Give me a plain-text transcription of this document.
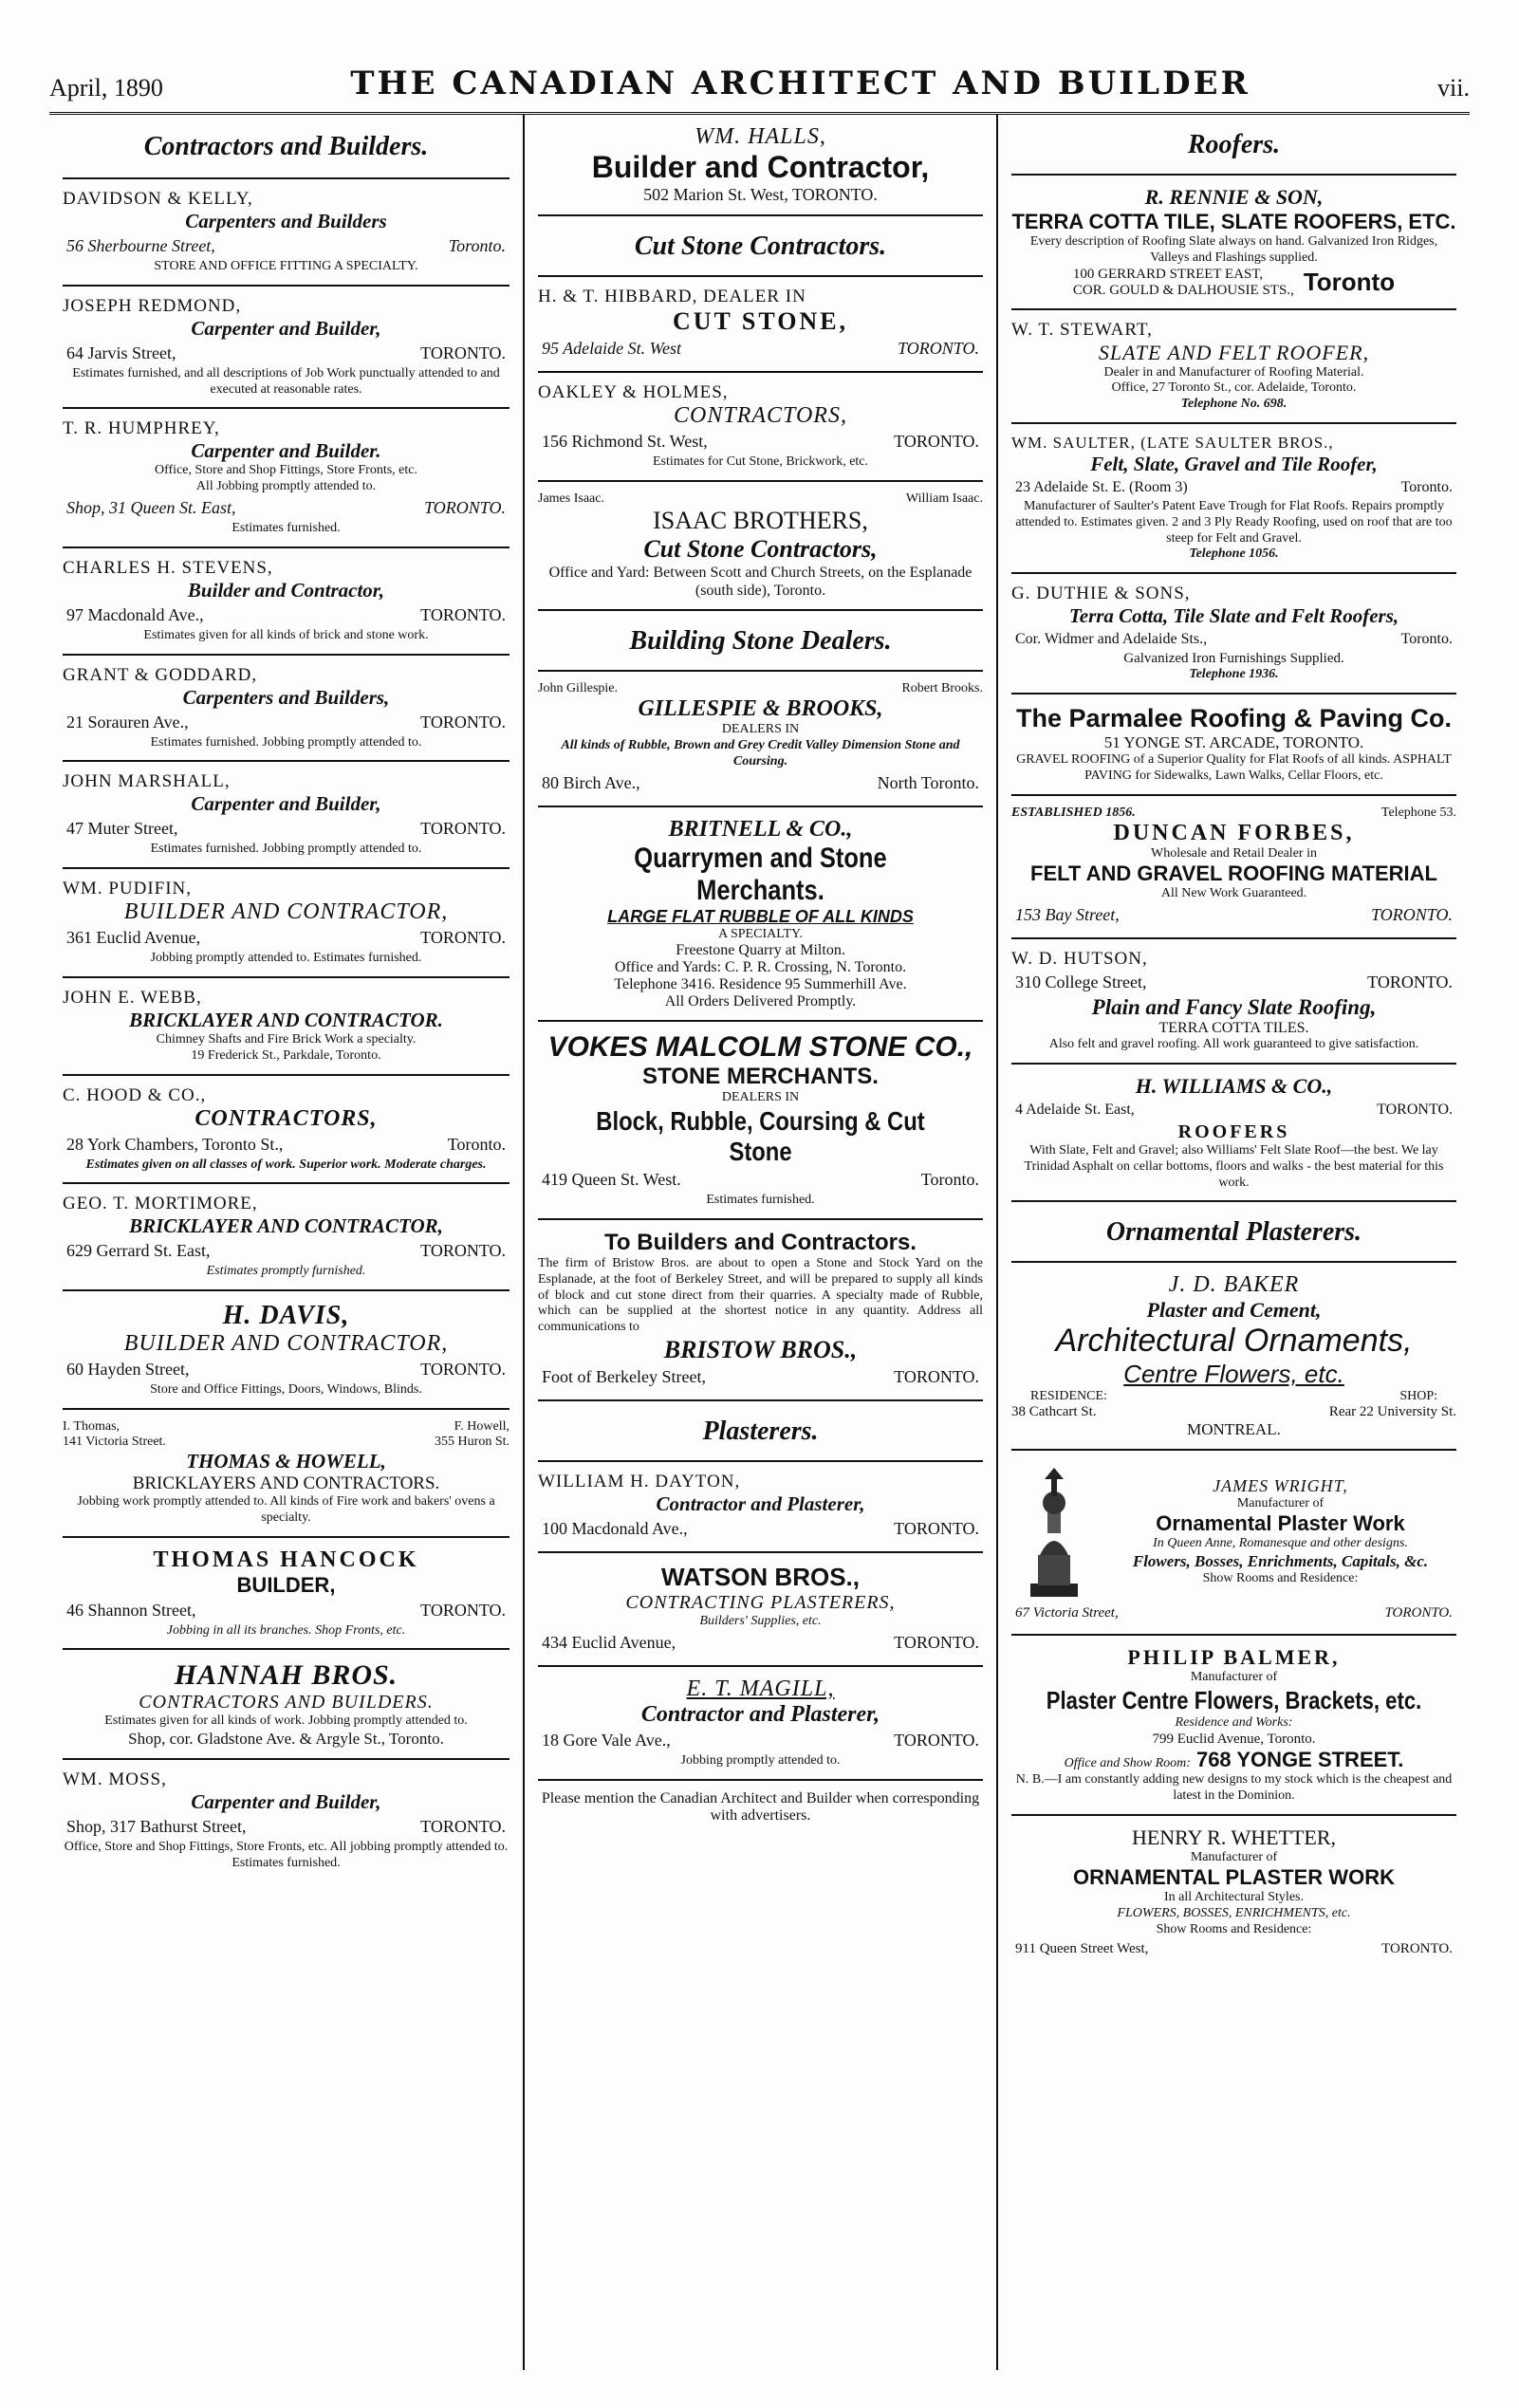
April, 1890	THE CANADIAN ARCHITECT AND BUILDER	vii.
Contractors and Builders.
DAVIDSON & KELLY,
Carpenters and Builders
56 Sherbourne Street,	Toronto.
STORE AND OFFICE FITTING A SPECIALTY.
JOSEPH REDMOND,
Carpenter and Builder,
64 Jarvis Street,	TORONTO.
Estimates furnished, and all descriptions of Job Work punctually attended to and executed at reasonable rates.
T. R. HUMPHREY,
Carpenter and Builder.
Office, Store and Shop Fittings, Store Fronts, etc.
All Jobbing promptly attended to.
Shop, 31 Queen St. East,	TORONTO.
Estimates furnished.
CHARLES H. STEVENS,
Builder and Contractor,
97 Macdonald Ave.,	TORONTO.
Estimates given for all kinds of brick and stone work.
GRANT & GODDARD,
Carpenters and Builders,
21 Sorauren Ave.,	TORONTO.
Estimates furnished. Jobbing promptly attended to.
JOHN MARSHALL,
Carpenter and Builder,
47 Muter Street,	TORONTO.
Estimates furnished. Jobbing promptly attended to.
WM. PUDIFIN,
BUILDER AND CONTRACTOR,
361 Euclid Avenue,	TORONTO.
Jobbing promptly attended to. Estimates furnished.
JOHN E. WEBB,
BRICKLAYER AND CONTRACTOR.
Chimney Shafts and Fire Brick Work a specialty.
19 Frederick St., Parkdale, Toronto.
C. HOOD & CO.,
CONTRACTORS,
28 York Chambers, Toronto St.,	Toronto.
Estimates given on all classes of work. Superior work. Moderate charges.
GEO. T. MORTIMORE,
BRICKLAYER AND CONTRACTOR,
629 Gerrard St. East,	TORONTO.
Estimates promptly furnished.
H. DAVIS,
BUILDER AND CONTRACTOR,
60 Hayden Street,	TORONTO.
Store and Office Fittings, Doors, Windows, Blinds.
I. Thomas,	F. Howell,
141 Victoria Street.	355 Huron St.
THOMAS & HOWELL,
BRICKLAYERS AND CONTRACTORS.
Jobbing work promptly attended to. All kinds of Fire work and bakers' ovens a specialty.
THOMAS HANCOCK
BUILDER,
46 Shannon Street,	TORONTO.
Jobbing in all its branches. Shop Fronts, etc.
HANNAH BROS.
CONTRACTORS AND BUILDERS.
Estimates given for all kinds of work. Jobbing promptly attended to.
Shop, cor. Gladstone Ave. & Argyle St., Toronto.
WM. MOSS,
Carpenter and Builder,
Shop, 317 Bathurst Street,	TORONTO.
Office, Store and Shop Fittings, Store Fronts, etc. All jobbing promptly attended to. Estimates furnished.
WM. HALLS,
Builder and Contractor,
502 Marion St. West, TORONTO.
Cut Stone Contractors.
H. & T. HIBBARD, DEALER IN
CUT STONE,
95 Adelaide St. West	TORONTO.
OAKLEY & HOLMES,
CONTRACTORS,
156 Richmond St. West,	TORONTO.
Estimates for Cut Stone, Brickwork, etc.
James Isaac.	William Isaac.
ISAAC BROTHERS,
Cut Stone Contractors,
Office and Yard: Between Scott and Church Streets, on the Esplanade (south side), Toronto.
Building Stone Dealers.
John Gillespie.	Robert Brooks.
GILLESPIE & BROOKS,
DEALERS IN
All kinds of Rubble, Brown and Grey Credit Valley Dimension Stone and Coursing.
80 Birch Ave.,	North Toronto.
BRITNELL & CO.,
Quarrymen and Stone Merchants.
LARGE FLAT RUBBLE OF ALL KINDS
A SPECIALTY.
Freestone Quarry at Milton.
Office and Yards: C. P. R. Crossing, N. Toronto.
Telephone 3416. Residence 95 Summerhill Ave.
All Orders Delivered Promptly.
VOKES MALCOLM STONE CO.,
STONE MERCHANTS.
DEALERS IN
Block, Rubble, Coursing & Cut Stone
419 Queen St. West.	Toronto.
Estimates furnished.
To Builders and Contractors.
The firm of Bristow Bros. are about to open a Stone and Stock Yard on the Esplanade, at the foot of Berkeley Street, and will be prepared to supply all kinds of block and cut stone direct from their quarries. A specialty made of Rubble, which can be supplied at the shortest notice in any quantity. Address all communications to
BRISTOW BROS.,
Foot of Berkeley Street,	TORONTO.
Plasterers.
WILLIAM H. DAYTON,
Contractor and Plasterer,
100 Macdonald Ave.,	TORONTO.
WATSON BROS.,
CONTRACTING PLASTERERS,
Builders' Supplies, etc.
434 Euclid Avenue,	TORONTO.
E. T. MAGILL,
Contractor and Plasterer,
18 Gore Vale Ave.,	TORONTO.
Jobbing promptly attended to.
Please mention the Canadian Architect and Builder when corresponding with advertisers.
Roofers.
R. RENNIE & SON,
TERRA COTTA TILE, SLATE ROOFERS, ETC.
Every description of Roofing Slate always on hand. Galvanized Iron Ridges, Valleys and Flashings supplied.
100 GERRARD STREET EAST,
COR. GOULD & DALHOUSIE STS., Toronto
W. T. STEWART,
SLATE AND FELT ROOFER,
Dealer in and Manufacturer of Roofing Material.
Office, 27 Toronto St., cor. Adelaide, Toronto.
Telephone No. 698.
WM. SAULTER, (LATE SAULTER BROS.,
Felt, Slate, Gravel and Tile Roofer,
23 Adelaide St. E. (Room 3)	Toronto.
Manufacturer of Saulter's Patent Eave Trough for Flat Roofs. Repairs promptly attended to. Estimates given. 2 and 3 Ply Ready Roofing, used on roof that are too steep for Felt and Gravel.
Telephone 1056.
G. DUTHIE & SONS,
Terra Cotta, Tile Slate and Felt Roofers,
Cor. Widmer and Adelaide Sts.,	Toronto.
Galvanized Iron Furnishings Supplied.
Telephone 1936.
The Parmalee Roofing & Paving Co.
51 YONGE ST. ARCADE, TORONTO.
GRAVEL ROOFING of a Superior Quality for Flat Roofs of all kinds. ASPHALT PAVING for Sidewalks, Lawn Walks, Cellar Floors, etc.
ESTABLISHED 1856.	Telephone 53.
DUNCAN FORBES,
Wholesale and Retail Dealer in
FELT AND GRAVEL ROOFING MATERIAL
All New Work Guaranteed.
153 Bay Street,	TORONTO.
W. D. HUTSON,
310 College Street,	TORONTO.
Plain and Fancy Slate Roofing,
TERRA COTTA TILES.
Also felt and gravel roofing. All work guaranteed to give satisfaction.
H. WILLIAMS & CO.,
4 Adelaide St. East,	TORONTO.
ROOFERS
With Slate, Felt and Gravel; also Williams' Felt Slate Roof—the best. We lay Trinidad Asphalt on cellar bottoms, floors and walks - the best material for this work.
Ornamental Plasterers.
J. D. BAKER
Plaster and Cement,
Architectural Ornaments,
Centre Flowers, etc.
RESIDENCE:	SHOP:
38 Cathcart St.	Rear 22 University St.
MONTREAL.
JAMES WRIGHT,
Manufacturer of
Ornamental Plaster Work
In Queen Anne, Romanesque and other designs.
Flowers, Bosses, Enrichments, Capitals, &c.
Show Rooms and Residence:
67 Victoria Street,	TORONTO.
PHILIP BALMER,
Manufacturer of
Plaster Centre Flowers, Brackets, etc.
Residence and Works:
799 Euclid Avenue, Toronto.
Office and Show Room: 768 YONGE STREET.
N. B.—I am constantly adding new designs to my stock which is the cheapest and latest in the Dominion.
HENRY R. WHETTER,
Manufacturer of
ORNAMENTAL PLASTER WORK
In all Architectural Styles.
FLOWERS, BOSSES, ENRICHMENTS, etc.
Show Rooms and Residence:
911 Queen Street West,	TORONTO.
